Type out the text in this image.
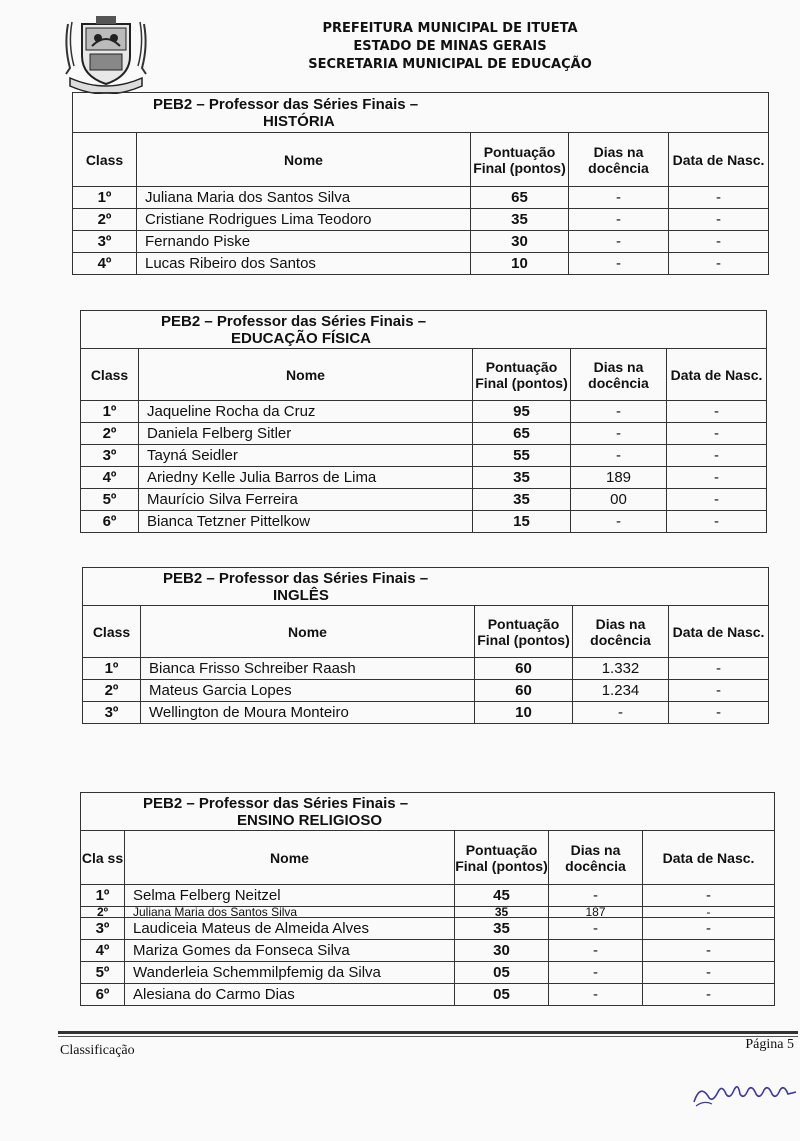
PREFEITURA MUNICIPAL DE ITUETA
ESTADO DE MINAS GERAIS
SECRETARIA MUNICIPAL DE EDUCAÇÃO
PEB2 – Professor das Séries Finais –
HISTÓRIA				

Class	Nome	Pontuação Final (pontos)	Dias na docência	Data de Nasc.
1º	Juliana Maria dos Santos Silva	65	-	-
2º	Cristiane Rodrigues Lima Teodoro	35	-	-
3º	Fernando Piske	30	-	-
4º	Lucas Ribeiro dos Santos	10	-	-
PEB2 – Professor das Séries Finais –
EDUCAÇÃO FÍSICA				

Class	Nome	Pontuação Final (pontos)	Dias na docência	Data de Nasc.
1º	Jaqueline Rocha da Cruz	95	-	-
2º	Daniela Felberg Sitler	65	-	-
3º	Tayná Seidler	55	-	-
4º	Ariedny Kelle Julia Barros de Lima	35	189	-
5º	Maurício Silva Ferreira	35	00	-
6º	Bianca Tetzner Pittelkow	15	-	-
PEB2 – Professor das Séries Finais –
INGLÊS				

Class	Nome	Pontuação Final (pontos)	Dias na docência	Data de Nasc.
1º	Bianca Frisso Schreiber Raash	60	1.332	-
2º	Mateus Garcia Lopes	60	1.234	-
3º	Wellington de Moura Monteiro	10	-	-
PEB2 – Professor das Séries Finais –
ENSINO RELIGIOSO				

Cla ss	Nome	Pontuação Final (pontos)	Dias na docência	Data de Nasc.
1º	Selma Felberg Neitzel	45	-	-
2º	Juliana Maria dos Santos Silva	35	187	-
3º	Laudiceia Mateus de Almeida Alves	35	-	-
4º	Mariza Gomes da Fonseca Silva	30	-	-
5º	Wanderleia Schemmilpfemig da Silva	05	-	-
6º	Alesiana do Carmo Dias	05	-	-
Classificação	Página 5
